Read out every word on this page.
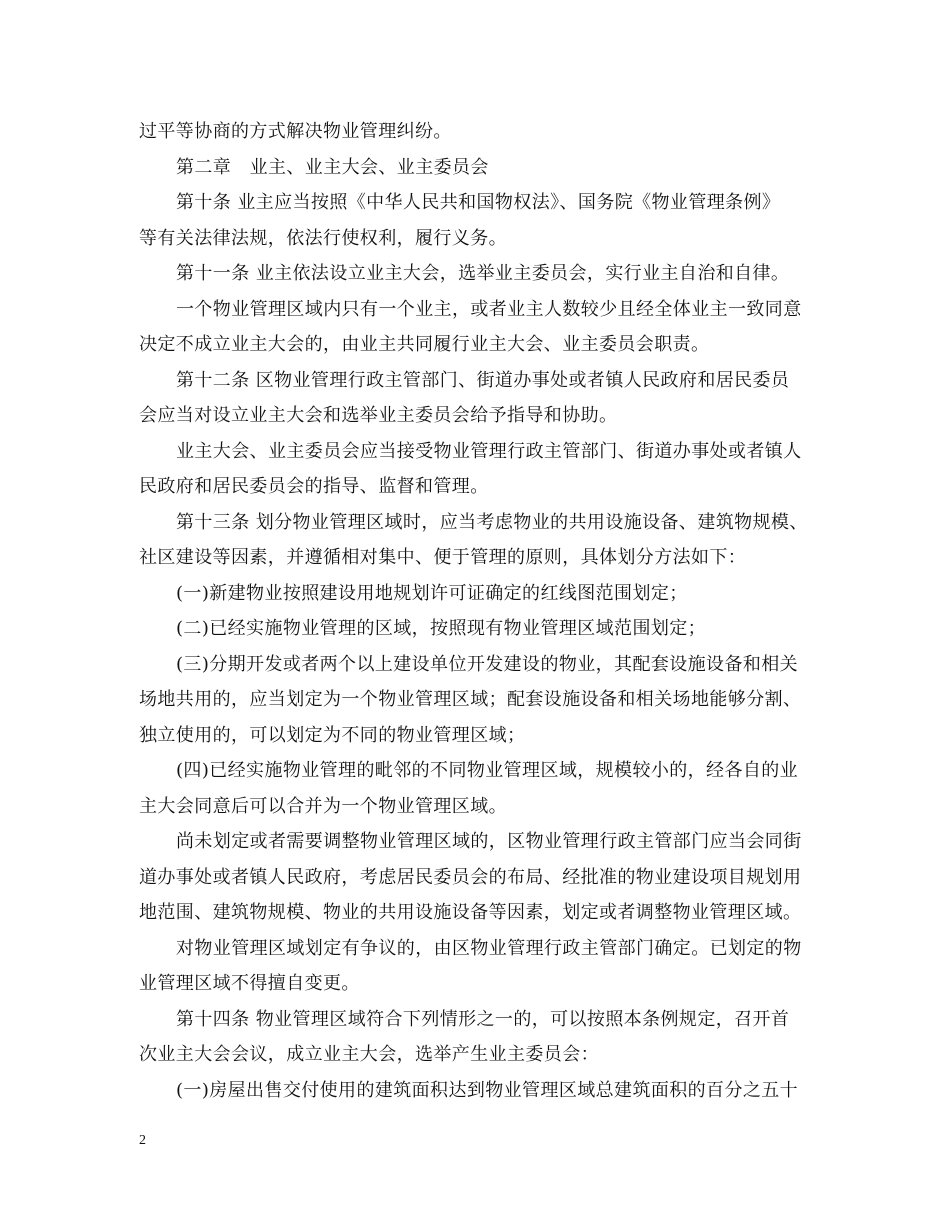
过平等协商的方式解决物业管理纠纷。
第二章　业主、业主大会、业主委员会
第十条 业主应当按照《中华人民共和国物权法》、国务院《物业管理条例》
等有关法律法规，依法行使权利，履行义务。
第十一条 业主依法设立业主大会，选举业主委员会，实行业主自治和自律。
一个物业管理区域内只有一个业主，或者业主人数较少且经全体业主一致同意
决定不成立业主大会的，由业主共同履行业主大会、业主委员会职责。
第十二条 区物业管理行政主管部门、街道办事处或者镇人民政府和居民委员
会应当对设立业主大会和选举业主委员会给予指导和协助。
业主大会、业主委员会应当接受物业管理行政主管部门、街道办事处或者镇人
民政府和居民委员会的指导、监督和管理。
第十三条 划分物业管理区域时，应当考虑物业的共用设施设备、建筑物规模、
社区建设等因素，并遵循相对集中、便于管理的原则，具体划分方法如下：
(一)新建物业按照建设用地规划许可证确定的红线图范围划定；
(二)已经实施物业管理的区域，按照现有物业管理区域范围划定；
(三)分期开发或者两个以上建设单位开发建设的物业，其配套设施设备和相关
场地共用的，应当划定为一个物业管理区域；配套设施设备和相关场地能够分割、
独立使用的，可以划定为不同的物业管理区域；
(四)已经实施物业管理的毗邻的不同物业管理区域，规模较小的，经各自的业
主大会同意后可以合并为一个物业管理区域。
尚未划定或者需要调整物业管理区域的，区物业管理行政主管部门应当会同街
道办事处或者镇人民政府，考虑居民委员会的布局、经批准的物业建设项目规划用
地范围、建筑物规模、物业的共用设施设备等因素，划定或者调整物业管理区域。
对物业管理区域划定有争议的，由区物业管理行政主管部门确定。已划定的物
业管理区域不得擅自变更。
第十四条 物业管理区域符合下列情形之一的，可以按照本条例规定，召开首
次业主大会会议，成立业主大会，选举产生业主委员会：
(一)房屋出售交付使用的建筑面积达到物业管理区域总建筑面积的百分之五十
2
